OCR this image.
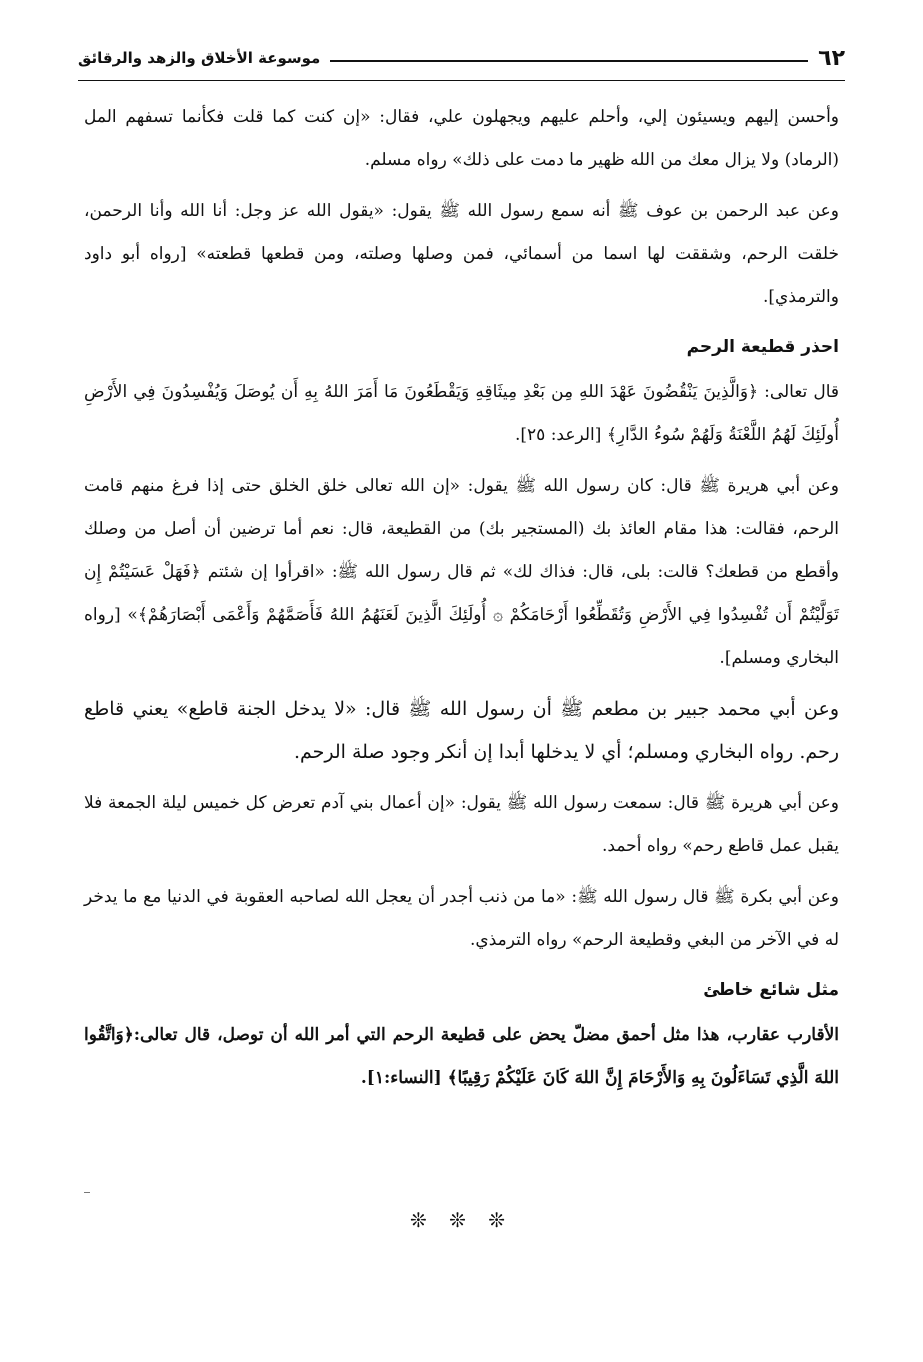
٦٢
موسوعة الأخلاق والزهد والرقائق

وأحسن إليهم ويسيئون إلي، وأحلم عليهم ويجهلون علي، فقال: «إن كنت كما قلت فكأنما تسفهم المل (الرماد) ولا يزال معك من الله ظهير ما دمت على ذلك» رواه مسلم.

وعن عبد الرحمن بن عوف ﷺ أنه سمع رسول الله ﷺ يقول: «يقول الله عز وجل: أنا الله وأنا الرحمن، خلقت الرحم، وشققت لها اسما من أسمائي، فمن وصلها وصلته، ومن قطعها قطعته» [رواه أبو داود والترمذي].

احذر قطيعة الرحم

قال تعالى: ﴿وَالَّذِينَ يَنْقُضُونَ عَهْدَ اللهِ مِن بَعْدِ مِيثَاقِهِ وَيَقْطَعُونَ مَا أَمَرَ اللهُ بِهِ أَن يُوصَلَ وَيُفْسِدُونَ فِي الأَرْضِ أُولَئِكَ لَهُمُ اللَّعْنَةُ وَلَهُمْ سُوءُ الدَّارِ﴾ [الرعد: ٢٥].

وعن أبي هريرة ﷺ قال: كان رسول الله ﷺ يقول: «إن الله تعالى خلق الخلق حتى إذا فرغ منهم قامت الرحم، فقالت: هذا مقام العائذ بك (المستجير بك) من القطيعة، قال: نعم أما ترضين أن أصل من وصلك وأقطع من قطعك؟ قالت: بلى، قال: فذاك لك» ثم قال رسول الله ﷺ: «اقرأوا إن شئتم ﴿فَهَلْ عَسَيْتُمْ إِن تَوَلَّيْتُمْ أَن تُفْسِدُوا فِي الأَرْضِ وَتُقَطِّعُوا أَرْحَامَكُمْ ۞ أُولَئِكَ الَّذِينَ لَعَنَهُمُ اللهُ فَأَصَمَّهُمْ وَأَعْمَى أَبْصَارَهُمْ﴾» [رواه البخاري ومسلم].

وعن أبي محمد جبير بن مطعم ﷺ أن رسول الله ﷺ قال: «لا يدخل الجنة قاطع» يعني قاطع رحم. رواه البخاري ومسلم؛ أي لا يدخلها أبدا إن أنكر وجود صلة الرحم.

وعن أبي هريرة ﷺ قال: سمعت رسول الله ﷺ يقول: «إن أعمال بني آدم تعرض كل خميس ليلة الجمعة فلا يقبل عمل قاطع رحم» رواه أحمد.

وعن أبي بكرة ﷺ قال رسول الله ﷺ: «ما من ذنب أجدر أن يعجل الله لصاحبه العقوبة في الدنيا مع ما يدخر له في الآخر من البغي وقطيعة الرحم» رواه الترمذي.

مثل شائع خاطئ

الأقارب عقارب، هذا مثل أحمق مضلّ يحض على قطيعة الرحم التي أمر الله أن توصل، قال تعالى:﴿وَاتَّقُوا اللهَ الَّذِي تَسَاءَلُونَ بِهِ وَالأَرْحَامَ إِنَّ اللهَ كَانَ عَلَيْكُمْ رَقِيبًا﴾ [النساء:١].

❊ ❊ ❊
